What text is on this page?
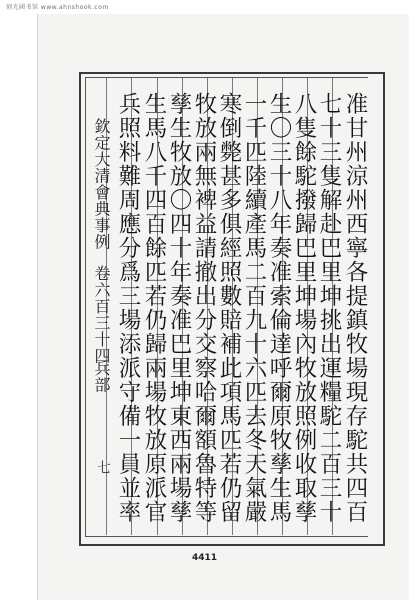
刻光國书馆 www.ahnshook.com
欽定大清會典事例
卷六百三十四
兵部
七	准甘州涼州西寧各提鎮牧場現存駝共四百
七十三隻解赴巴里坤挑出運糧駝二百三十
八隻餘駝撥歸巴里坤場內牧放照例收取孳
生〇三十八年奏准索倫達呼爾原牧孳生馬
一千匹陸續產馬二百九十六匹去冬天氣嚴
寒倒斃甚多俱經照數賠補此項馬匹若仍留
牧放兩無裨益請撤出分交察哈爾額魯特等
孳生牧放〇四十年奏准巴里坤東西兩場孳
生馬八千四百餘匹若仍歸兩場牧放原派官
兵照料難周應分爲三場添派守備一員並率
4411
